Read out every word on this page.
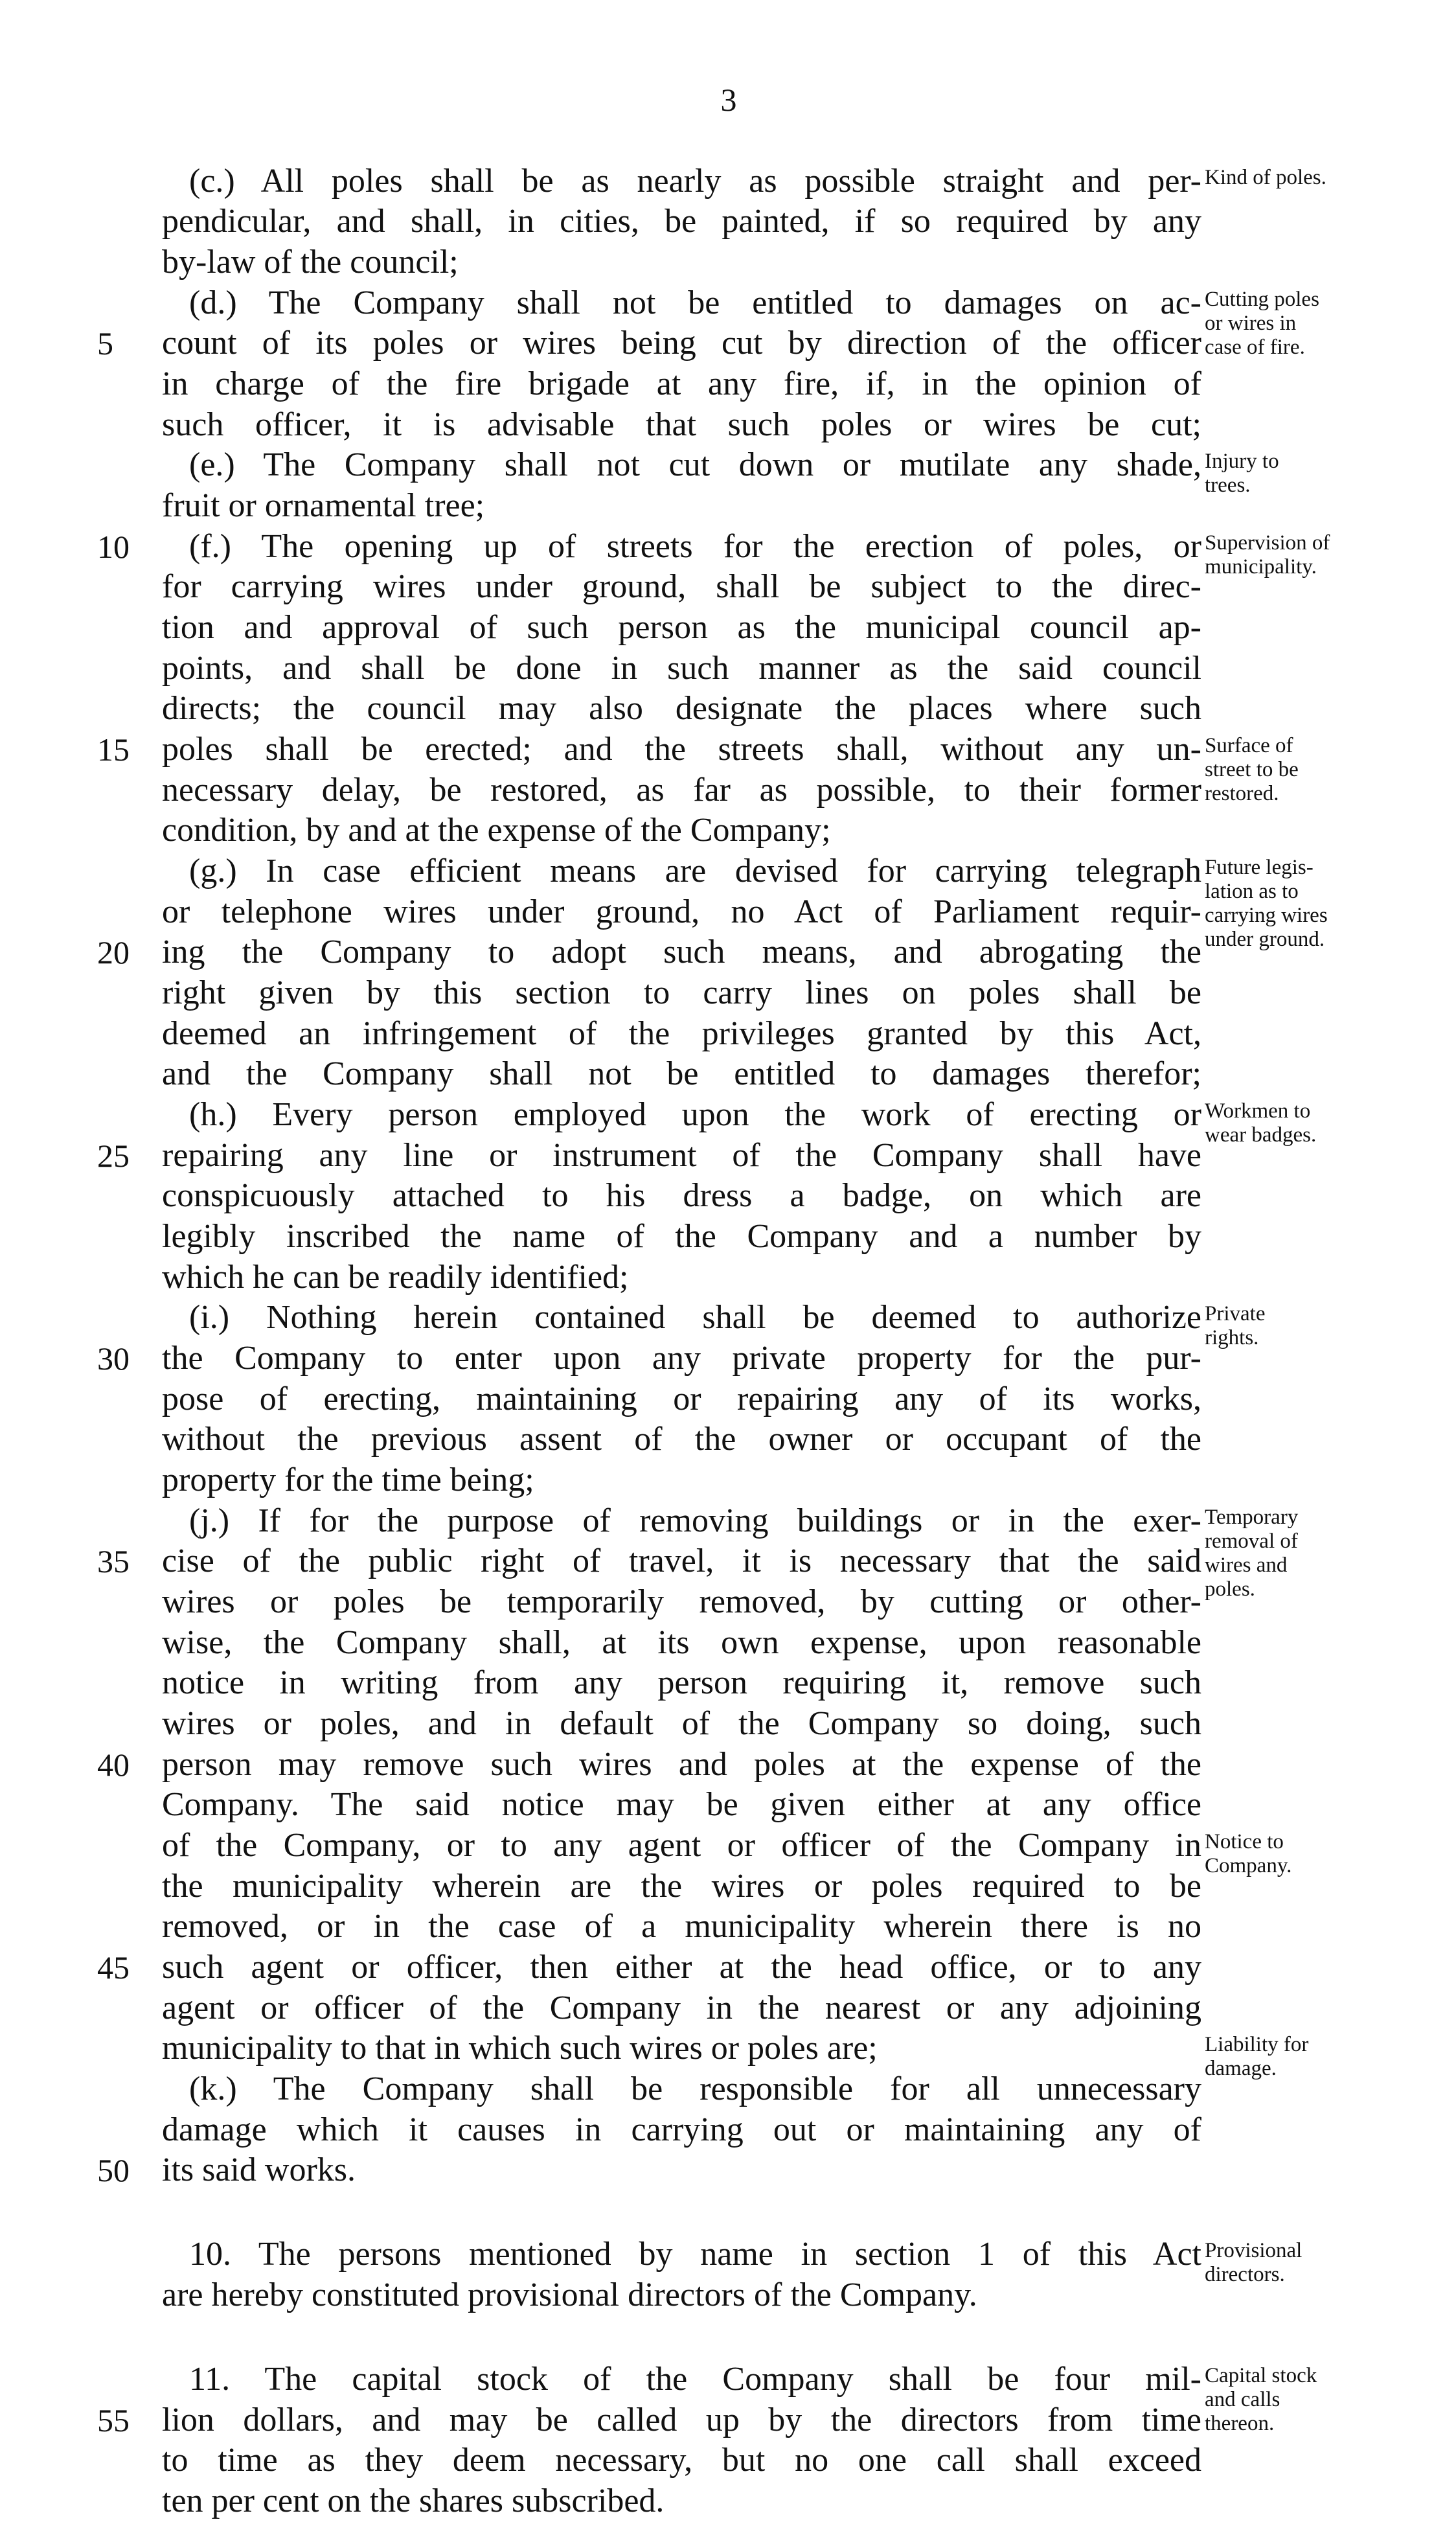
3
(c.) All poles shall be as nearly as possible straight and per-
pendicular, and shall, in cities, be painted, if so required by any
by-law of the council;
(d.) The Company shall not be entitled to damages on ac-
count of its poles or wires being cut by direction of the officer
in charge of the fire brigade at any fire, if, in the opinion of
such officer, it is advisable that such poles or wires be cut;
(e.) The Company shall not cut down or mutilate any shade,
fruit or ornamental tree;
(f.) The opening up of streets for the erection of poles, or
for carrying wires under ground, shall be subject to the direc-
tion and approval of such person as the municipal council ap-
points, and shall be done in such manner as the said council
directs; the council may also designate the places where such
poles shall be erected; and the streets shall, without any un-
necessary delay, be restored, as far as possible, to their former
condition, by and at the expense of the Company;
(g.) In case efficient means are devised for carrying telegraph
or telephone wires under ground, no Act of Parliament requir-
ing the Company to adopt such means, and abrogating the
right given by this section to carry lines on poles shall be
deemed an infringement of the privileges granted by this Act,
and the Company shall not be entitled to damages therefor;
(h.) Every person employed upon the work of erecting or
repairing any line or instrument of the Company shall have
conspicuously attached to his dress a badge, on which are
legibly inscribed the name of the Company and a number by
which he can be readily identified;
(i.) Nothing herein contained shall be deemed to authorize
the Company to enter upon any private property for the pur-
pose of erecting, maintaining or repairing any of its works,
without the previous assent of the owner or occupant of the
property for the time being;
(j.) If for the purpose of removing buildings or in the exer-
cise of the public right of travel, it is necessary that the said
wires or poles be temporarily removed, by cutting or other-
wise, the Company shall, at its own expense, upon reasonable
notice in writing from any person requiring it, remove such
wires or poles, and in default of the Company so doing, such
person may remove such wires and poles at the expense of the
Company. The said notice may be given either at any office
of the Company, or to any agent or officer of the Company in
the municipality wherein are the wires or poles required to be
removed, or in the case of a municipality wherein there is no
such agent or officer, then either at the head office, or to any
agent or officer of the Company in the nearest or any adjoining
municipality to that in which such wires or poles are;
(k.) The Company shall be responsible for all unnecessary
damage which it causes in carrying out or maintaining any of
its said works.
10. The persons mentioned by name in section 1 of this Act
are hereby constituted provisional directors of the Company.
11. The capital stock of the Company shall be four mil-
lion dollars, and may be called up by the directors from time
to time as they deem necessary, but no one call shall exceed
ten per cent on the shares subscribed.
5
10
15
20
25
30
35
40
45
50
55
Kind of poles.
Cutting poles
or wires in
case of fire.
Injury to
trees.
Supervision of
municipality.
Surface of
street to be
restored.
Future legis-
lation as to
carrying wires
under ground.
Workmen to
wear badges.
Private
rights.
Temporary
removal of
wires and
poles.
Notice to
Company.
Liability for
damage.
Provisional
directors.
Capital stock
and calls
thereon.
